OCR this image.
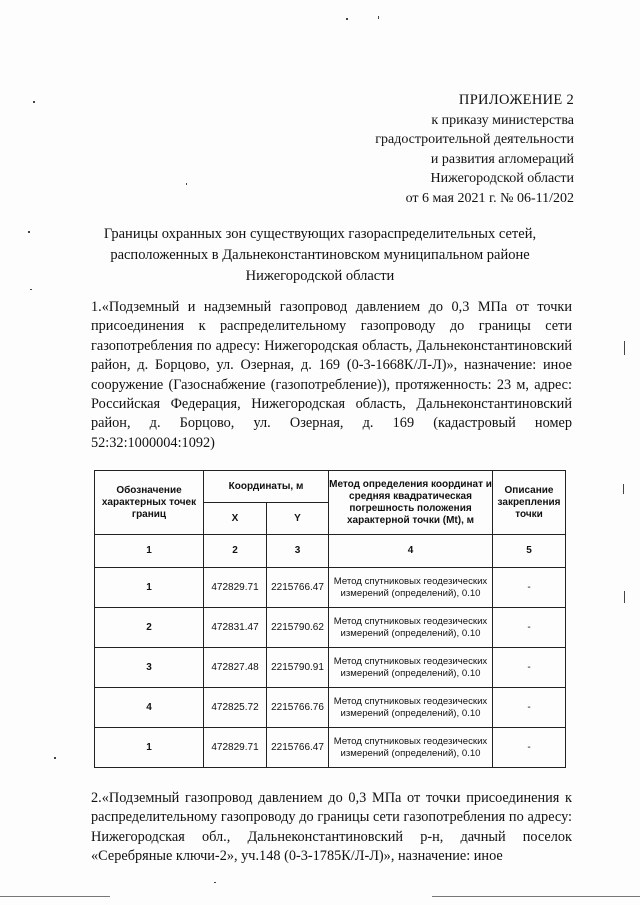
ПРИЛОЖЕНИЕ 2
к приказу министерства
градостроительной деятельности
и развития агломераций
Нижегородской области
от 6 мая 2021 г. № 06-11/202
Границы охранных зон существующих газораспределительных сетей,
расположенных в Дальнеконстантиновском муниципальном районе
Нижегородской области
1.«Подземный и надземный газопровод давлением до 0,3 МПа от точки присоединения к распределительному газопроводу до границы сети газопотребления по адресу: Нижегородская область, Дальнеконстантиновский район, д. Борцово, ул. Озерная, д. 169 (0-3-1668К/Л-Л)», назначение: иное сооружение (Газоснабжение (газопотребление)), протяженность: 23 м, адрес: Российская Федерация, Нижегородская область, Дальнеконстантиновский район, д. Борцово, ул. Озерная, д. 169 (кадастровый номер 52:32:1000004:1092)
Обозначение характерных точек границ	Координаты, м		Метод определения координат и средняя квадратическая погрешность положения характерной точки (Mt), м	Описание закрепления точки
	X	Y		
1	2	3	4	5
1	472829.71	2215766.47	Метод спутниковых геодезических измерений (определений), 0.10	-
2	472831.47	2215790.62	Метод спутниковых геодезических измерений (определений), 0.10	-
3	472827.48	2215790.91	Метод спутниковых геодезических измерений (определений), 0.10	-
4	472825.72	2215766.76	Метод спутниковых геодезических измерений (определений), 0.10	-
1	472829.71	2215766.47	Метод спутниковых геодезических измерений (определений), 0.10	-
2.«Подземный газопровод давлением до 0,3 МПа от точки присоединения к распределительному газопроводу до границы сети газопотребления по адресу: Нижегородская обл., Дальнеконстантиновский р-н, дачный поселок «Серебряные ключи-2», уч.148 (0-3-1785К/Л-Л)», назначение: иное
